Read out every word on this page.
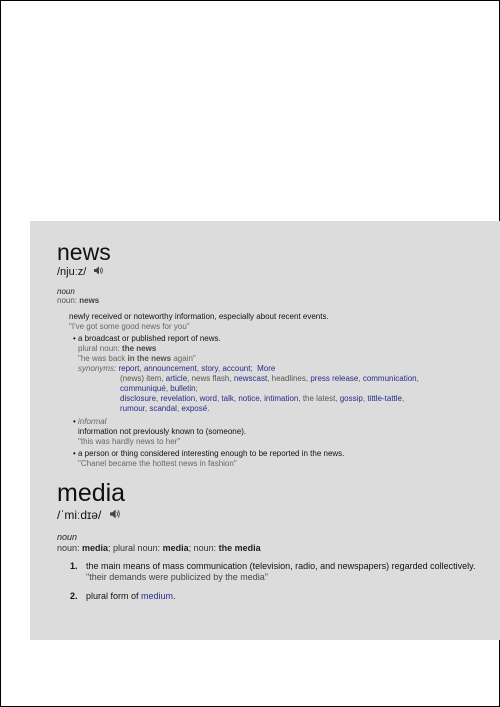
news
/njuːz/
noun
noun: news
newly received or noteworthy information, especially about recent events.
"I've got some good news for you"
• a broadcast or published report of news.
plural noun: the news
"he was back in the news again"
synonyms: report, announcement, story, account; More
(news) item, article, news flash, newscast, headlines, press release, communication,
communiqué, bulletin;
disclosure, revelation, word, talk, notice, intimation, the latest, gossip, tittle-tattle,
rumour, scandal, exposé.
• informal
information not previously known to (someone).
"this was hardly news to her"
• a person or thing considered interesting enough to be reported in the news.
"Chanel became the hottest news in fashion"
media
/ˈmiːdɪə/
noun
noun: media; plural noun: media; noun: the media
1. the main means of mass communication (television, radio, and newspapers) regarded collectively.
"their demands were publicized by the media"
2. plural form of medium.
